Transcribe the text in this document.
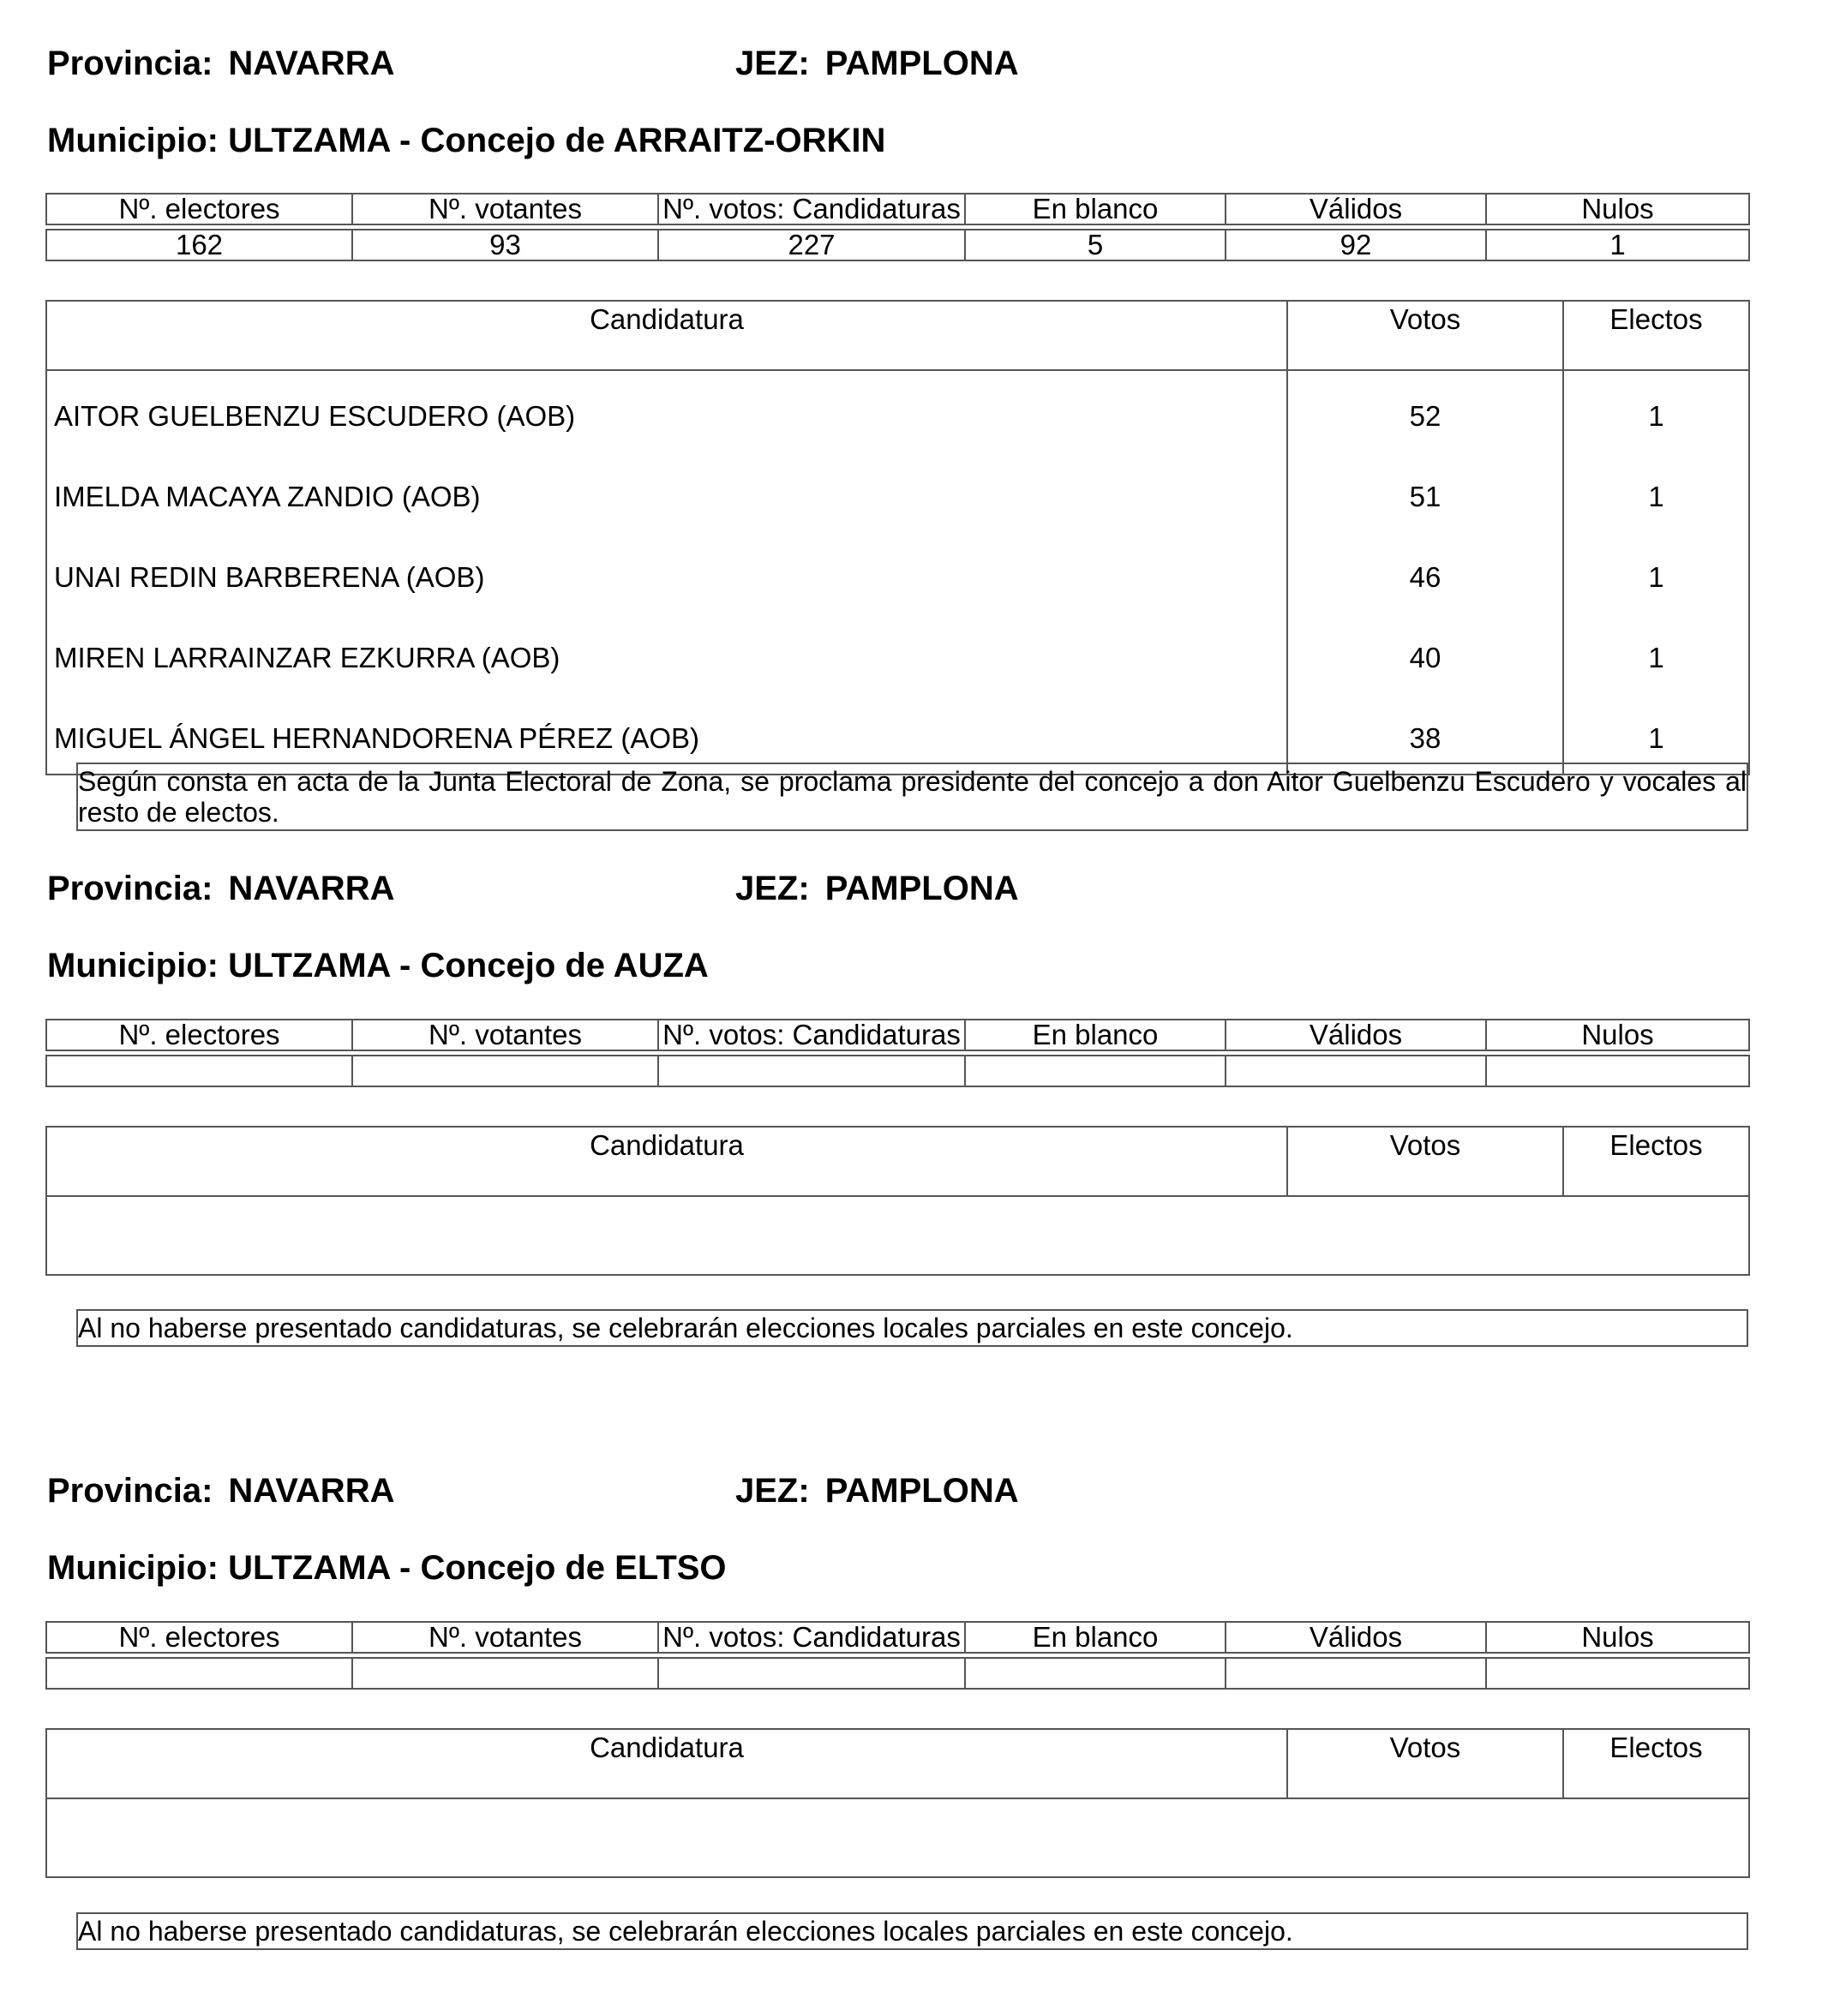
Provincia: NAVARRA	JEZ: PAMPLONA
Municipio: ULTZAMA - Concejo de ARRAITZ-ORKIN
Nº. electores	Nº. votantes	Nº. votos: Candidaturas	En blanco	Válidos	Nulos

162	93	227	5	92	1
Candidatura	Votos	Electos
AITOR GUELBENZU ESCUDERO (AOB)	52	1
IMELDA MACAYA ZANDIO (AOB)	51	1
UNAI REDIN BARBERENA (AOB)	46	1
MIREN LARRAINZAR EZKURRA (AOB)	40	1
MIGUEL ÁNGEL HERNANDORENA PÉREZ (AOB)	38	1
Según consta en acta de la Junta Electoral de Zona, se proclama presidente del concejo a don Aitor Guelbenzu Escudero y vocales al resto de electos.
Provincia: NAVARRA	JEZ: PAMPLONA
Municipio: ULTZAMA - Concejo de AUZA
Nº. electores	Nº. votantes	Nº. votos: Candidaturas	En blanco	Válidos	Nulos

Candidatura	Votos	Electos

Al no haberse presentado candidaturas, se celebrarán elecciones locales parciales en este concejo.
Provincia: NAVARRA	JEZ: PAMPLONA
Municipio: ULTZAMA - Concejo de ELTSO
Nº. electores	Nº. votantes	Nº. votos: Candidaturas	En blanco	Válidos	Nulos

Candidatura	Votos	Electos

Al no haberse presentado candidaturas, se celebrarán elecciones locales parciales en este concejo.
